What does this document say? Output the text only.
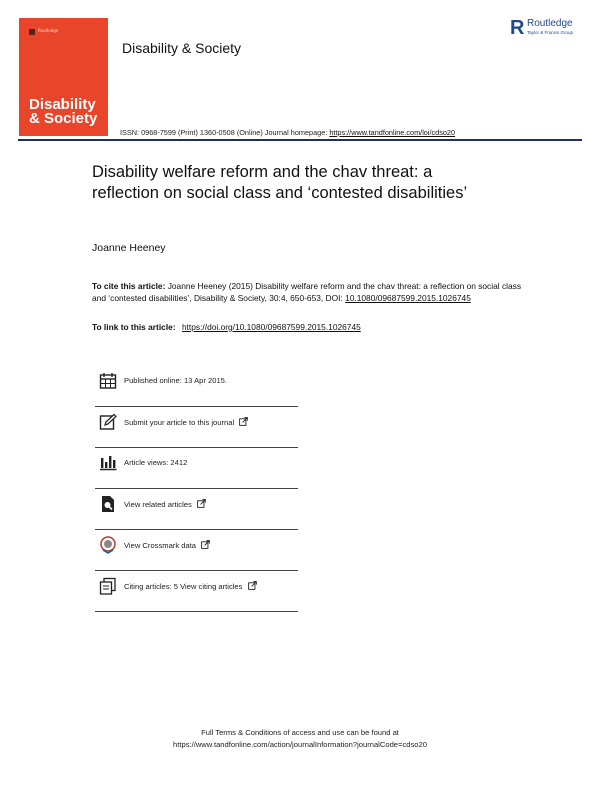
Routledge
Disability
& Society
Disability & Society
R Routledge
Taylor & Francis Group
ISSN: 0968-7599 (Print) 1360-0508 (Online) Journal homepage: https://www.tandfonline.com/loi/cdso20
Disability welfare reform and the chav threat: a reflection on social class and ‘contested disabilities’
Joanne Heeney
To cite this article: Joanne Heeney (2015) Disability welfare reform and the chav threat: a reflection on social class and ‘contested disabilities’, Disability & Society, 30:4, 650-653, DOI: 10.1080/09687599.2015.1026745
To link to this article: https://doi.org/10.1080/09687599.2015.1026745
Published online: 13 Apr 2015.
Submit your article to this journal
Article views: 2412
View related articles
View Crossmark data
Citing articles: 5 View citing articles
Full Terms & Conditions of access and use can be found at
https://www.tandfonline.com/action/journalInformation?journalCode=cdso20
